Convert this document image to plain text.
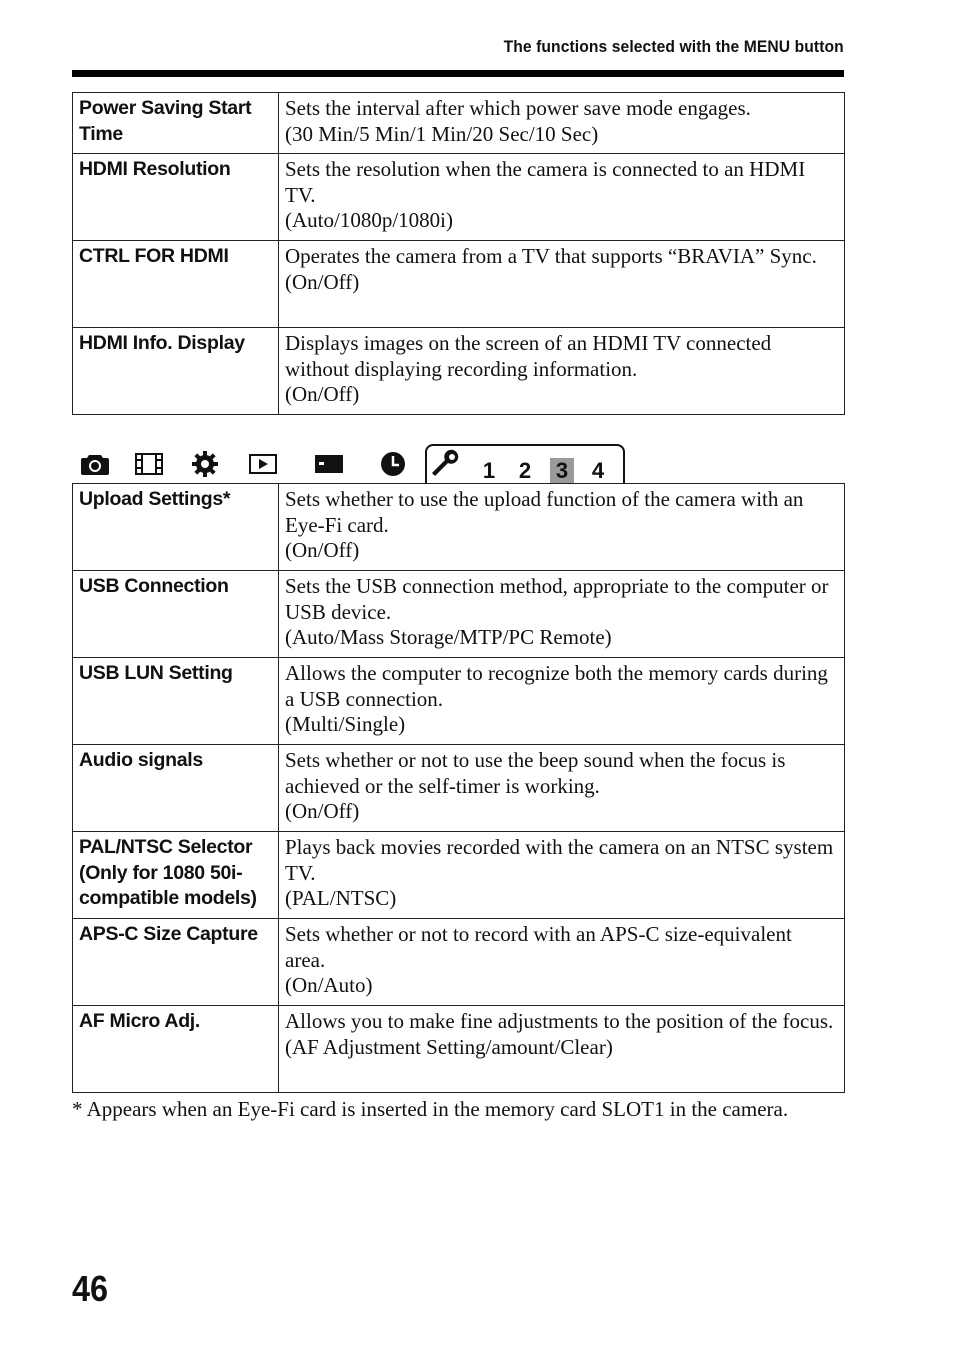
The functions selected with the MENU button
Power Saving Start Time	Sets the interval after which power save mode engages.
(30 Min/5 Min/1 Min/20 Sec/10 Sec)

HDMI Resolution	Sets the resolution when the camera is connected to an HDMI TV.
(Auto/1080p/1080i)

CTRL FOR HDMI	Operates the camera from a TV that supports “BRAVIA” Sync.
(On/Off)

HDMI Info. Display	Displays images on the screen of an HDMI TV connected without displaying recording information.
(On/Off)
1 2 3 4
Upload Settings*	Sets whether to use the upload function of the camera with an Eye-Fi card.
(On/Off)

USB Connection	Sets the USB connection method, appropriate to the computer or USB device.
(Auto/Mass Storage/MTP/PC Remote)

USB LUN Setting	Allows the computer to recognize both the memory cards during a USB connection.
(Multi/Single)

Audio signals	Sets whether or not to use the beep sound when the focus is achieved or the self-timer is working.
(On/Off)

PAL/NTSC Selector (Only for 1080 50i-compatible models)	Plays back movies recorded with the camera on an NTSC system TV.
(PAL/NTSC)

APS-C Size Capture	Sets whether or not to record with an APS-C size-equivalent area.
(On/Auto)

AF Micro Adj.	Allows you to make fine adjustments to the position of the focus.
(AF Adjustment Setting/amount/Clear)
* Appears when an Eye-Fi card is inserted in the memory card SLOT1 in the camera.
46
